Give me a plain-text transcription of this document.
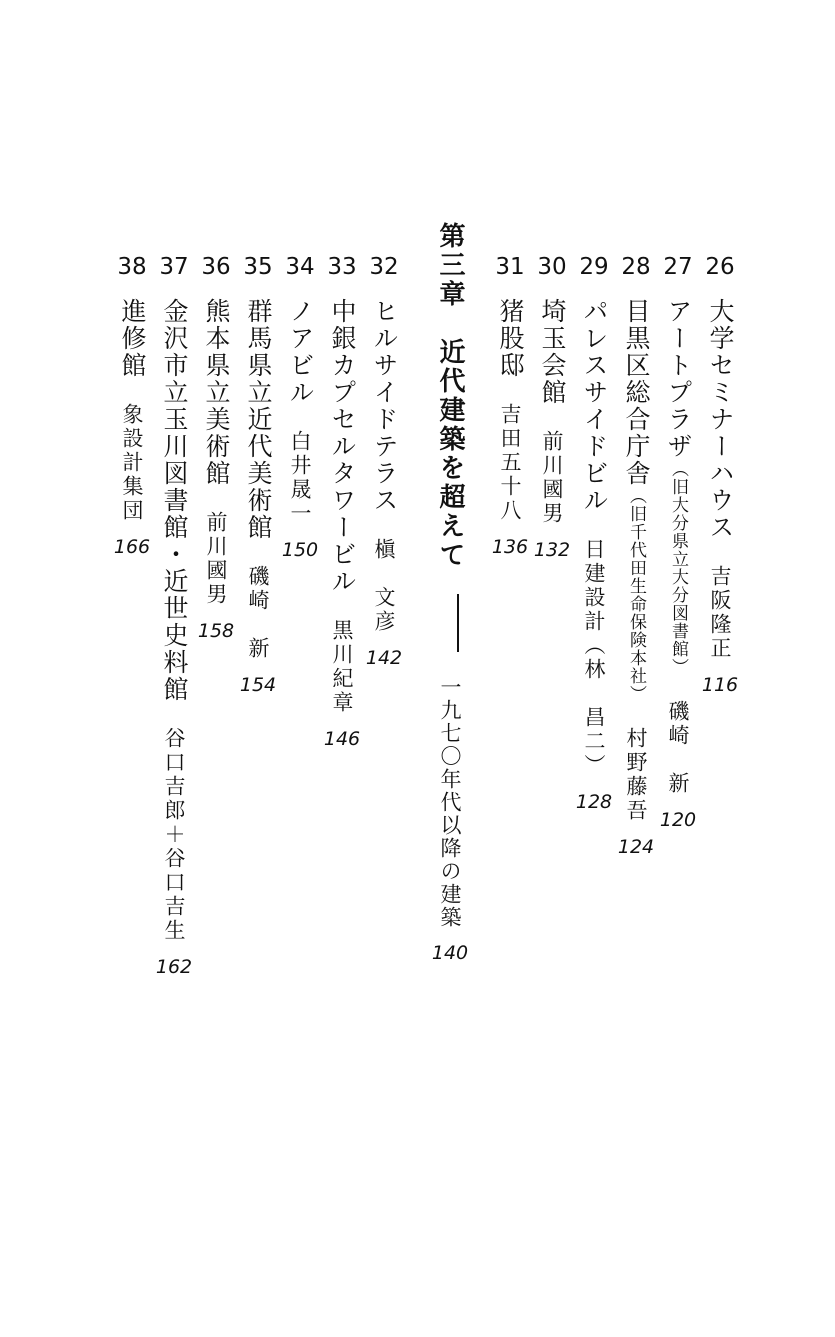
26
大学セミナーハウス吉阪隆正
116
27
アートプラザ（旧大分県立大分図書館）磯崎　新
120
28
目黒区総合庁舎（旧千代田生命保険本社）村野藤吾
124
29
パレスサイドビル日建設計（林　昌二）
128
30
埼玉会館前川國男
132
31
猪股邸吉田五十八
136
第三章　近代建築を超えて一九七〇年代以降の建築
140
32
ヒルサイドテラス槇　文彦
142
33
中銀カプセルタワービル黒川紀章
146
34
ノアビル白井晟一
150
35
群馬県立近代美術館磯崎　新
154
36
熊本県立美術館前川國男
158
37
金沢市立玉川図書館・近世史料館谷口吉郎＋谷口吉生
162
38
進修館象設計集団
166
